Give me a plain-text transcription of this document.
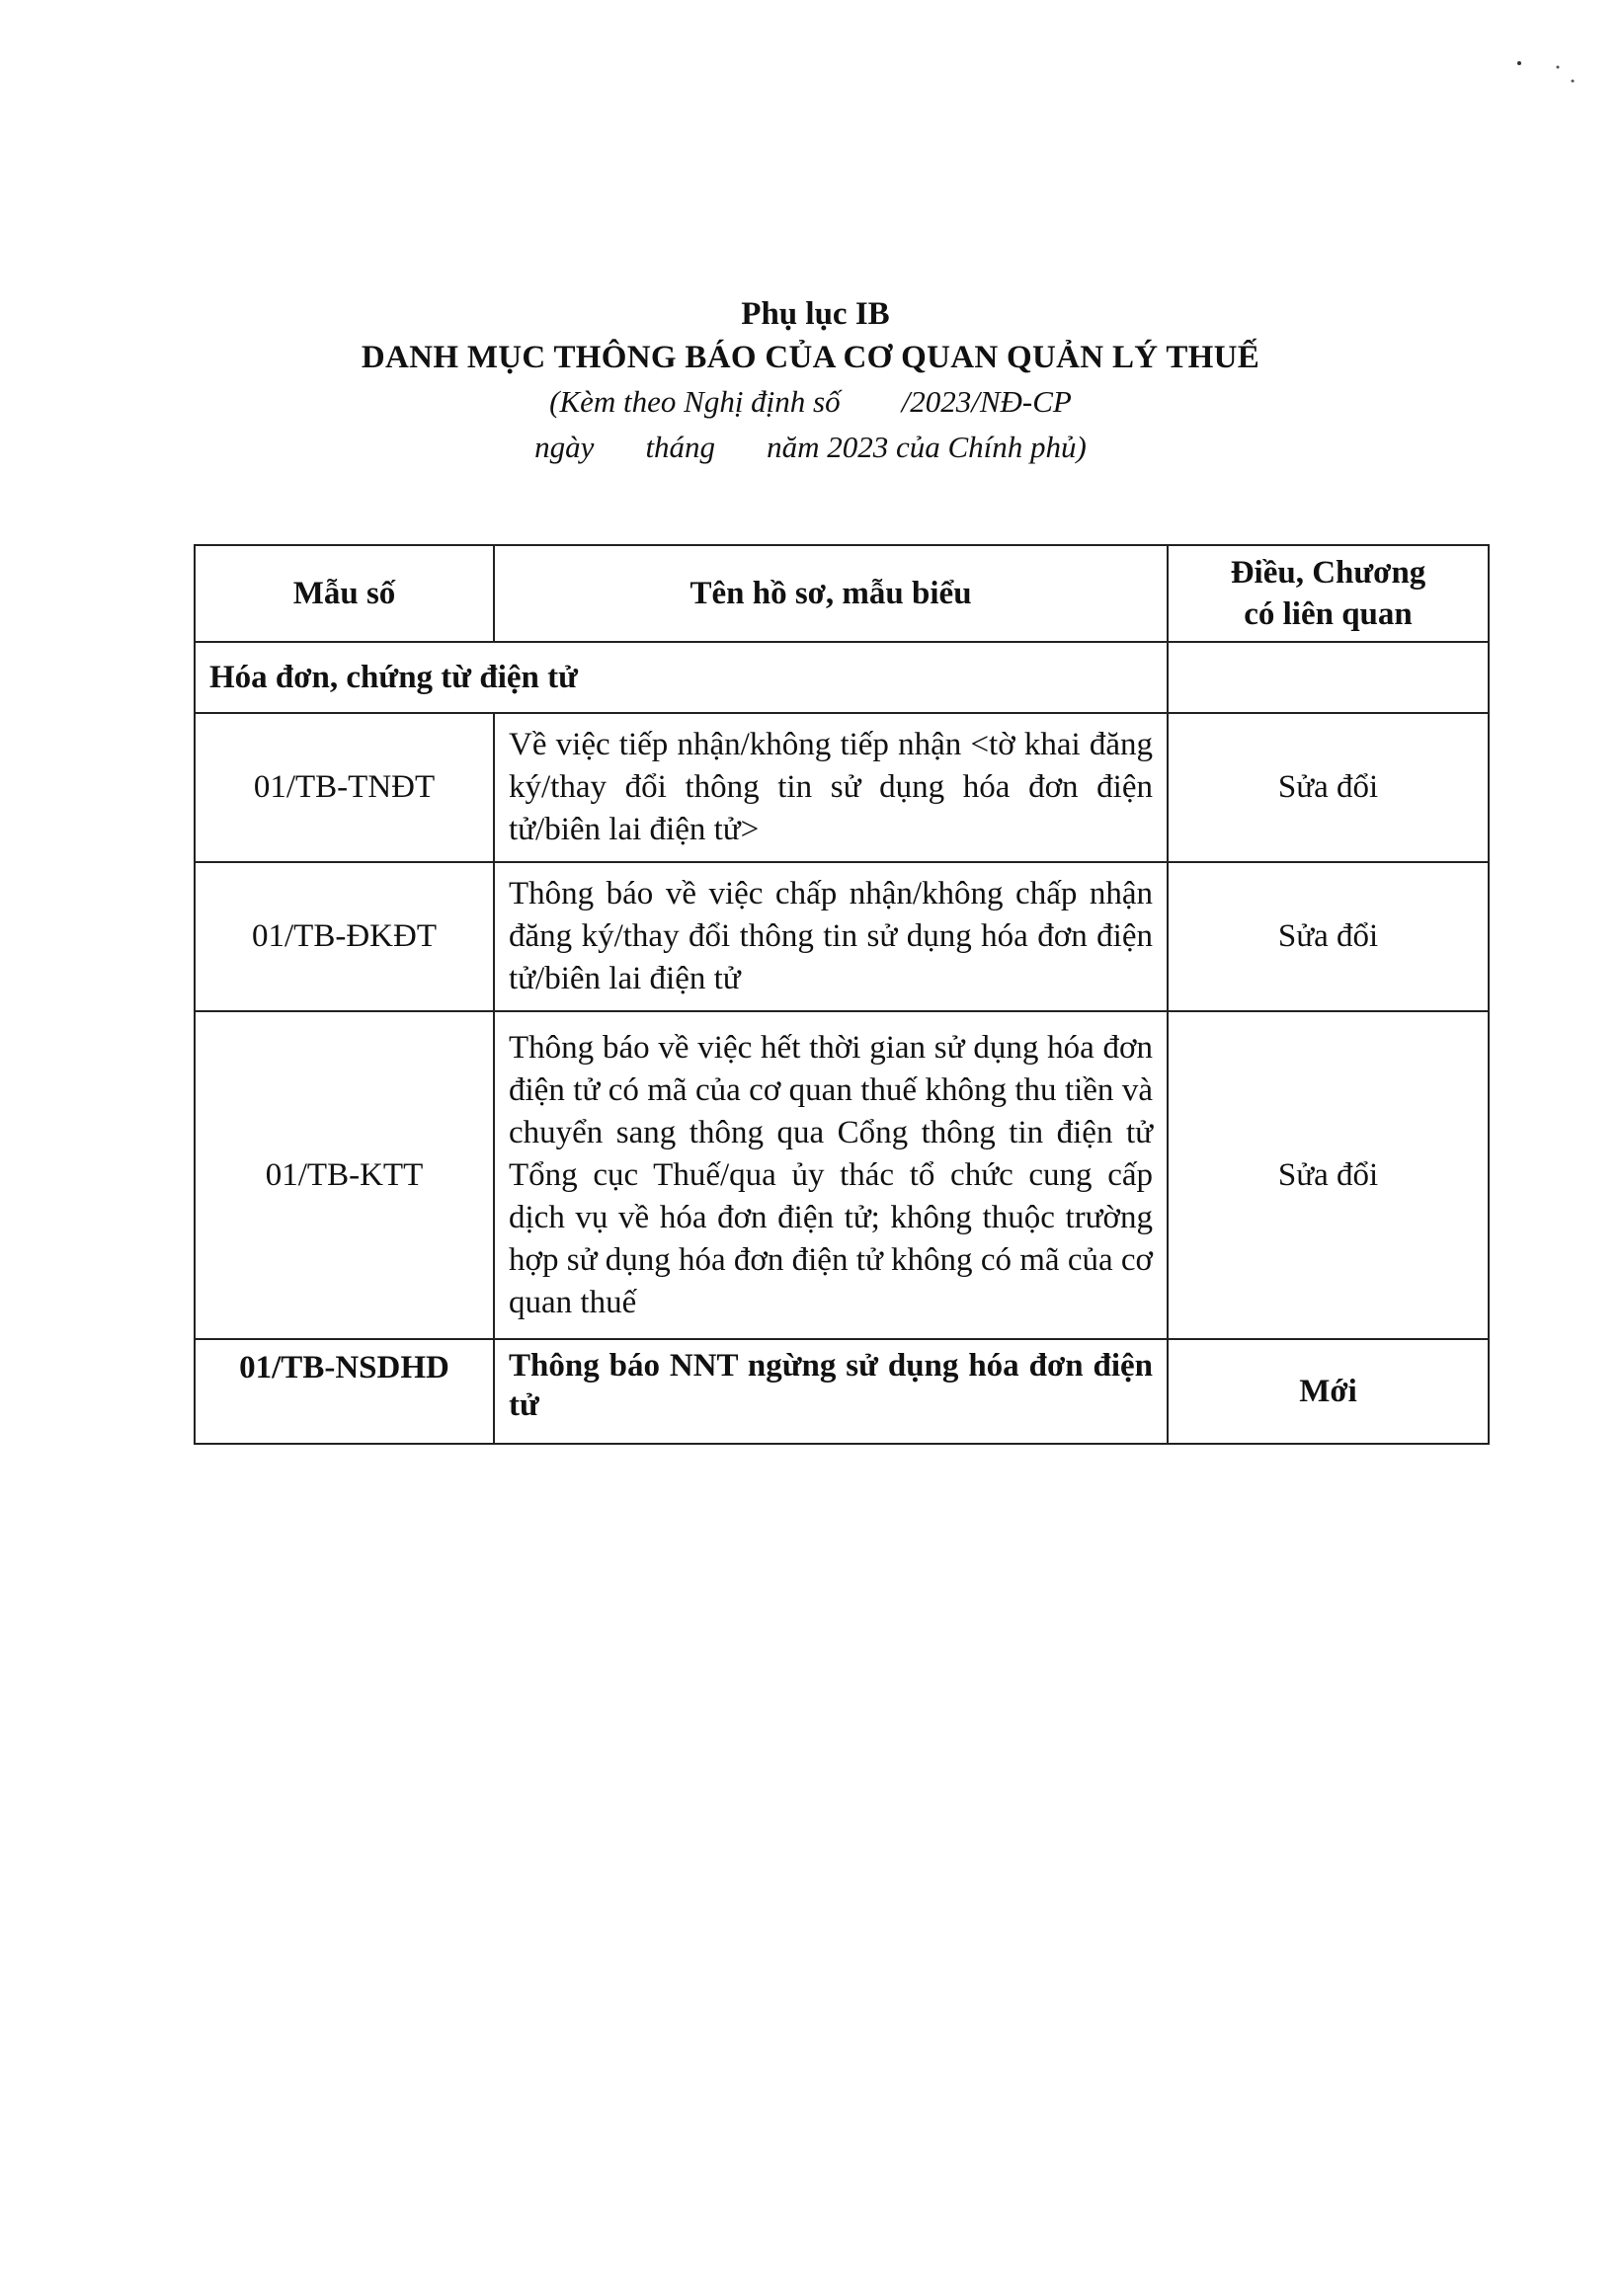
Phụ lục IB
DANH MỤC THÔNG BÁO CỦA CƠ QUAN QUẢN LÝ THUẾ
(Kèm theo Nghị định số /2023/NĐ-CP
ngày tháng năm 2023 của Chính phủ)
Mẫu số	Tên hồ sơ, mẫu biểu	Điều, Chương
có liên quan
Hóa đơn, chứng từ điện tử		
01/TB-TNĐT	Về việc tiếp nhận/không tiếp nhận <tờ khai đăng ký/thay đổi thông tin sử dụng hóa đơn điện tử/biên lai điện tử>	Sửa đổi
01/TB-ĐKĐT	Thông báo về việc chấp nhận/không chấp nhận đăng ký/thay đổi thông tin sử dụng hóa đơn điện tử/biên lai điện tử	Sửa đổi
01/TB-KTT	Thông báo về việc hết thời gian sử dụng hóa đơn điện tử có mã của cơ quan thuế không thu tiền và chuyển sang thông qua Cổng thông tin điện tử Tổng cục Thuế/qua ủy thác tổ chức cung cấp dịch vụ về hóa đơn điện tử; không thuộc trường hợp sử dụng hóa đơn điện tử không có mã của cơ quan thuế	Sửa đổi
01/TB-NSDHD	Thông báo NNT ngừng sử dụng hóa đơn điện tử	Mới
